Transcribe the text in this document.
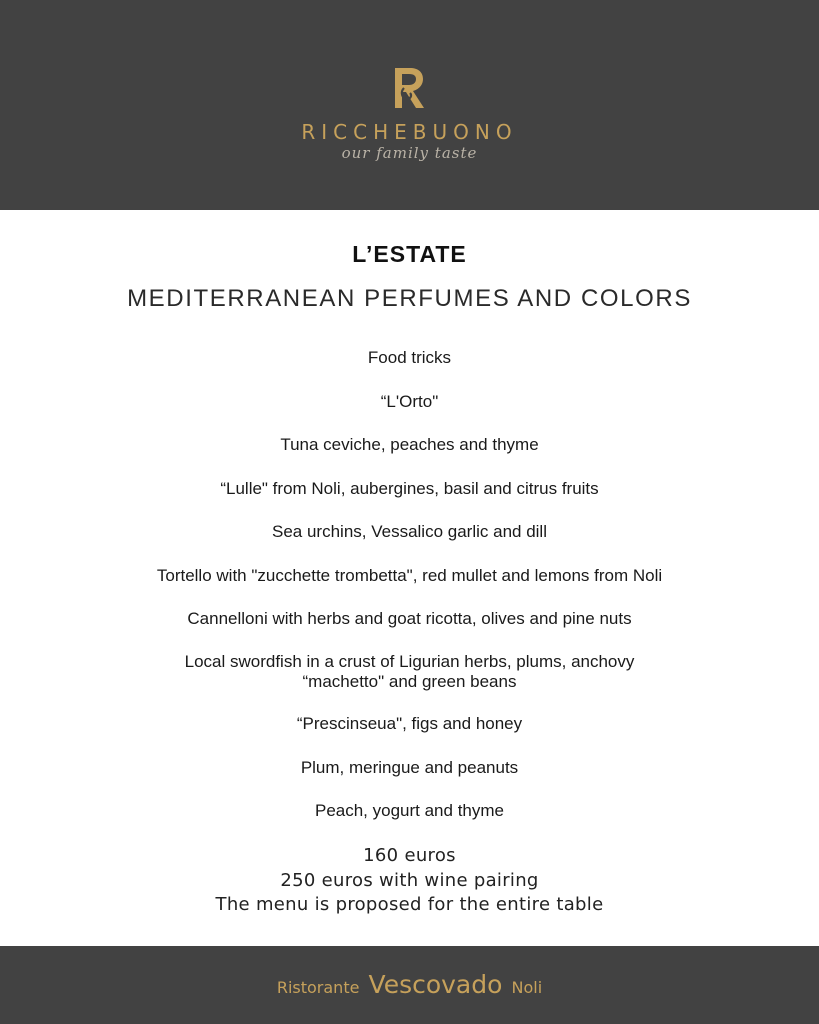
RICCHEBUONO
our family taste
L’ESTATE
MEDITERRANEAN PERFUMES AND COLORS
Food tricks
“L'Orto"
Tuna ceviche, peaches and thyme
“Lulle" from Noli, aubergines, basil and citrus fruits
Sea urchins, Vessalico garlic and dill
Tortello with "zucchette trombetta", red mullet and lemons from Noli
Cannelloni with herbs and goat ricotta, olives and pine nuts
Local swordfish in a crust of Ligurian herbs, plums, anchovy “machetto" and green beans
“Prescinseua", figs and honey
Plum, meringue and peanuts
Peach, yogurt and thyme
160 euros
250 euros with wine pairing
The menu is proposed for the entire table
Ristorante Vescovado Noli
